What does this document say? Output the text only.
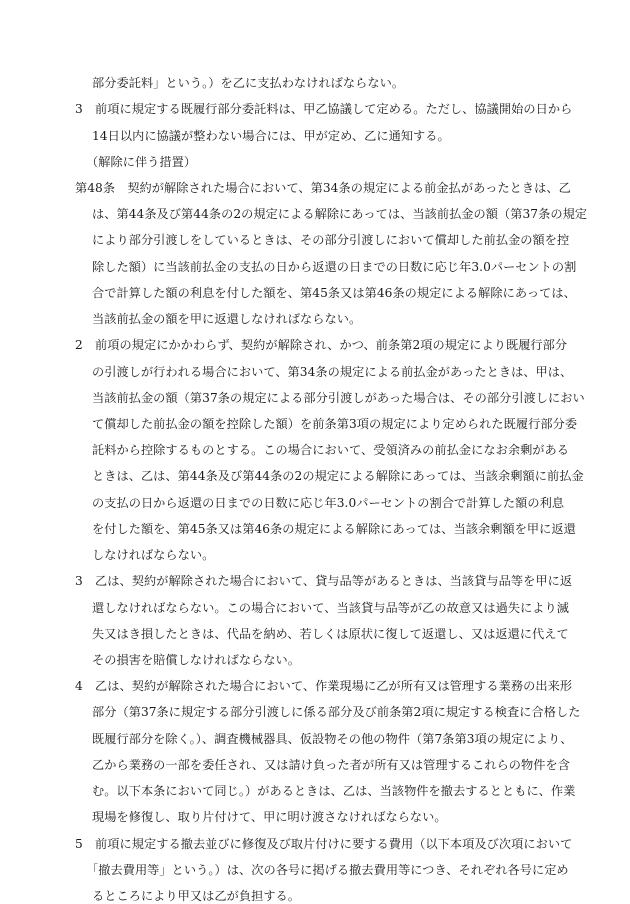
部分委託料」という。）を乙に支払わなければならない。
3　前項に規定する既履行部分委託料は、甲乙協議して定める。ただし、協議開始の日から
14日以内に協議が整わない場合には、甲が定め、乙に通知する。
（解除に伴う措置）
第48条　契約が解除された場合において、第34条の規定による前金払があったときは、乙
は、第44条及び第44条の2の規定による解除にあっては、当該前払金の額（第37条の規定
により部分引渡しをしているときは、その部分引渡しにおいて償却した前払金の額を控
除した額）に当該前払金の支払の日から返還の日までの日数に応じ年3.0パーセントの割
合で計算した額の利息を付した額を、第45条又は第46条の規定による解除にあっては、
当該前払金の額を甲に返還しなければならない。
2　前項の規定にかかわらず、契約が解除され、かつ、前条第2項の規定により既履行部分
の引渡しが行われる場合において、第34条の規定による前払金があったときは、甲は、
当該前払金の額（第37条の規定による部分引渡しがあった場合は、その部分引渡しにおい
て償却した前払金の額を控除した額）を前条第3項の規定により定められた既履行部分委
託料から控除するものとする。この場合において、受領済みの前払金になお余剰がある
ときは、乙は、第44条及び第44条の2の規定による解除にあっては、当該余剰額に前払金
の支払の日から返還の日までの日数に応じ年3.0パーセントの割合で計算した額の利息
を付した額を、第45条又は第46条の規定による解除にあっては、当該余剰額を甲に返還
しなければならない。
3　乙は、契約が解除された場合において、貸与品等があるときは、当該貸与品等を甲に返
還しなければならない。この場合において、当該貸与品等が乙の故意又は過失により滅
失又はき損したときは、代品を納め、若しくは原状に復して返還し、又は返還に代えて
その損害を賠償しなければならない。
4　乙は、契約が解除された場合において、作業現場に乙が所有又は管理する業務の出来形
部分（第37条に規定する部分引渡しに係る部分及び前条第2項に規定する検査に合格した
既履行部分を除く。）、調査機械器具、仮設物その他の物件（第7条第3項の規定により、
乙から業務の一部を委任され、又は請け負った者が所有又は管理するこれらの物件を含
む。以下本条において同じ。）があるときは、乙は、当該物件を撤去するとともに、作業
現場を修復し、取り片付けて、甲に明け渡さなければならない。
5　前項に規定する撤去並びに修復及び取片付けに要する費用（以下本項及び次項において
「撤去費用等」という。）は、次の各号に掲げる撤去費用等につき、それぞれ各号に定め
るところにより甲又は乙が負担する。
